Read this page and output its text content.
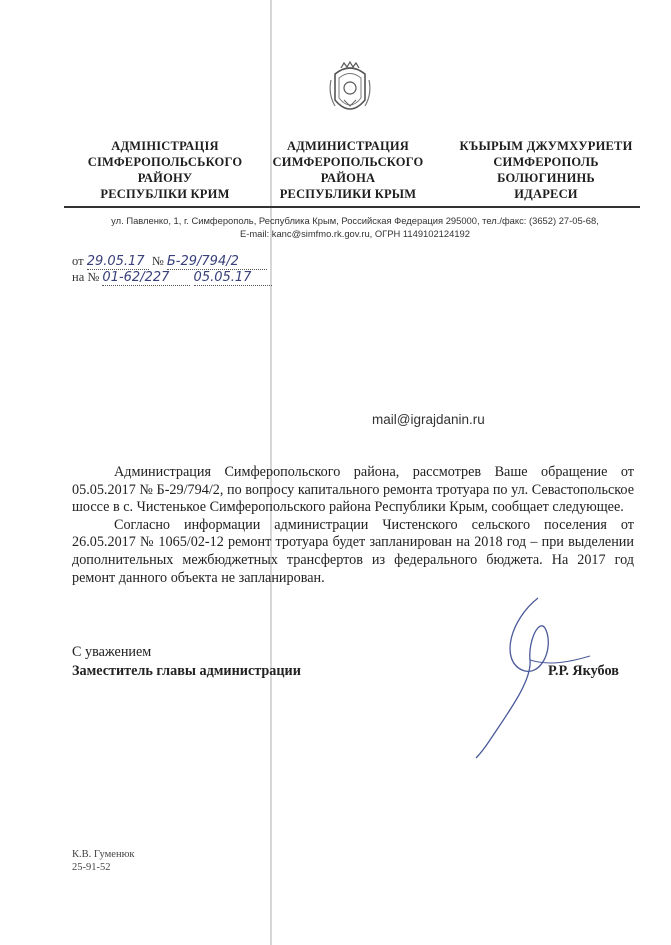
АДМІНІСТРАЦІЯ
СІМФЕРОПОЛЬСЬКОГО
РАЙОНУ
РЕСПУБЛІКИ КРИМ
АДМИНИСТРАЦИЯ
СИМФЕРОПОЛЬСКОГО
РАЙОНА
РЕСПУБЛИКИ КРЫМ
КЪЫРЫМ ДЖУМХУРИЕТИ
СИМФЕРОПОЛЬ
БОЛЮГИНИНЬ
ИДАРЕСИ
ул. Павленко, 1, г. Симферополь, Республика Крым, Российская Федерация 295000, тел./факс: (3652) 27-05-68,
E-mail: kanc@simfmo.rk.gov.ru, ОГРН 1149102124192
от 29.05.17 № Б-29/794/2
на № 01-62/227 05.05.17
mail@igrajdanin.ru

Администрация Симферопольского района, рассмотрев Ваше обращение от 05.05.2017 № Б-29/794/2, по вопросу капитального ремонта тротуара по ул. Севастопольское шоссе в с. Чистенькое Симферопольского района Республики Крым, сообщает следующее.

Согласно информации администрации Чистенского сельского поселения от 26.05.2017 № 1065/02-12 ремонт тротуара будет запланирован на 2018 год – при выделении дополнительных межбюджетных трансфертов из федерального бюджета. На 2017 год ремонт данного объекта не запланирован.

С уважением
Заместитель главы администрации	Р.Р. Якубов
К.В. Гуменюк
25-91-52
